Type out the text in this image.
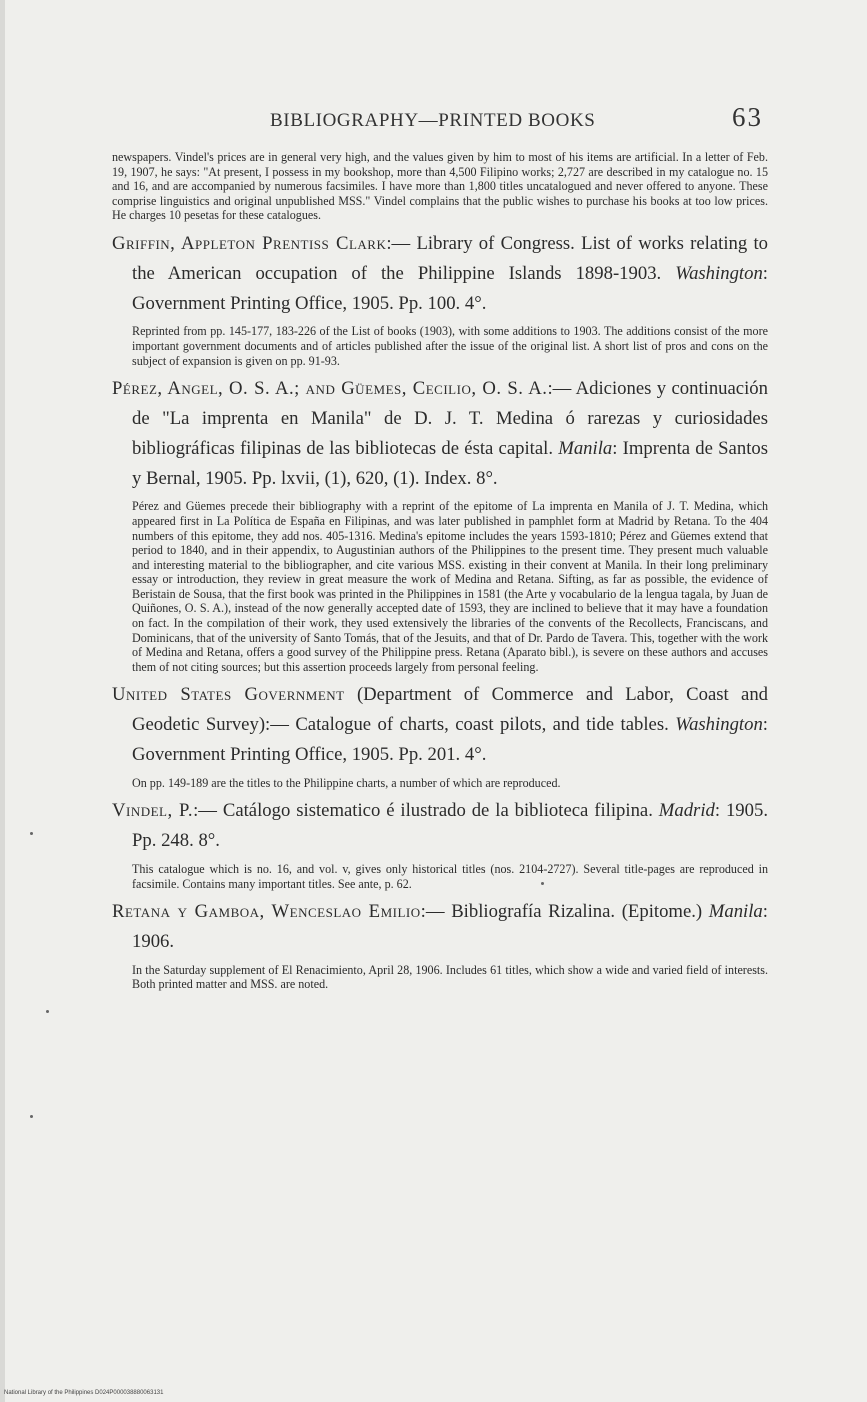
BIBLIOGRAPHY—PRINTED BOOKS	63

newspapers. Vindel's prices are in general very high, and the values given by him to most of his items are artificial. In a letter of Feb. 19, 1907, he says: "At present, I possess in my bookshop, more than 4,500 Filipino works; 2,727 are described in my catalogue no. 15 and 16, and are accompanied by numerous facsimiles. I have more than 1,800 titles uncatalogued and never offered to anyone. These comprise linguistics and original unpublished MSS." Vindel complains that the public wishes to purchase his books at too low prices. He charges 10 pesetas for these catalogues.

Griffin, Appleton Prentiss Clark:— Library of Congress. List of works relating to the American occupation of the Philippine Islands 1898-1903. Washington: Government Printing Office, 1905. Pp. 100. 4°.

Reprinted from pp. 145-177, 183-226 of the List of books (1903), with some additions to 1903. The additions consist of the more important government documents and of articles published after the issue of the original list. A short list of pros and cons on the subject of expansion is given on pp. 91-93.

Pérez, Angel, O. S. A.; and Güemes, Cecilio, O. S. A.:— Adiciones y continuación de "La imprenta en Manila" de D. J. T. Medina ó rarezas y curiosidades bibliográficas filipinas de las bibliotecas de ésta capital. Manila: Imprenta de Santos y Bernal, 1905. Pp. lxvii, (1), 620, (1). Index. 8°.

Pérez and Güemes precede their bibliography with a reprint of the epitome of La imprenta en Manila of J. T. Medina, which appeared first in La Política de España en Filipinas, and was later published in pamphlet form at Madrid by Retana. To the 404 numbers of this epitome, they add nos. 405-1316. Medina's epitome includes the years 1593-1810; Pérez and Güemes extend that period to 1840, and in their appendix, to Augustinian authors of the Philippines to the present time. They present much valuable and interesting material to the bibliographer, and cite various MSS. existing in their convent at Manila. In their long preliminary essay or introduction, they review in great measure the work of Medina and Retana. Sifting, as far as possible, the evidence of Beristain de Sousa, that the first book was printed in the Philippines in 1581 (the Arte y vocabulario de la lengua tagala, by Juan de Quiñones, O. S. A.), instead of the now generally accepted date of 1593, they are inclined to believe that it may have a foundation on fact. In the compilation of their work, they used extensively the libraries of the convents of the Recollects, Franciscans, and Dominicans, that of the university of Santo Tomás, that of the Jesuits, and that of Dr. Pardo de Tavera. This, together with the work of Medina and Retana, offers a good survey of the Philippine press. Retana (Aparato bibl.), is severe on these authors and accuses them of not citing sources; but this assertion proceeds largely from personal feeling.

United States Government (Department of Commerce and Labor, Coast and Geodetic Survey):— Catalogue of charts, coast pilots, and tide tables. Washington: Government Printing Office, 1905. Pp. 201. 4°.

On pp. 149-189 are the titles to the Philippine charts, a number of which are reproduced.

Vindel, P.:— Catálogo sistematico é ilustrado de la biblioteca filipina. Madrid: 1905. Pp. 248. 8°.

This catalogue which is no. 16, and vol. v, gives only historical titles (nos. 2104-2727). Several title-pages are reproduced in facsimile. Contains many important titles. See ante, p. 62.

Retana y Gamboa, Wenceslao Emilio:— Bibliografía Rizalina. (Epitome.) Manila: 1906.

In the Saturday supplement of El Renacimiento, April 28, 1906. Includes 61 titles, which show a wide and varied field of interests. Both printed matter and MSS. are noted.

National Library of the Philippines D024P000038880063131
